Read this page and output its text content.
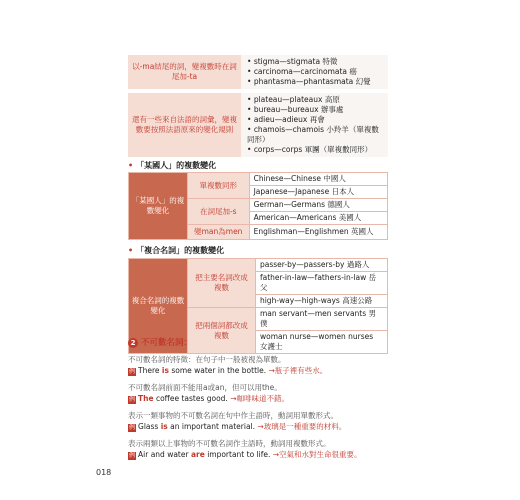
以-ma結尾的詞，變複數時在詞尾加-ta	• stigma—stigmata 特徵
• carcinoma—carcinomata 癌
• phantasma—phantasmata 幻覺

還有一些來自法語的詞彙，變複數要按照法語原來的變化規則	• plateau—plateaux 高原
• bureau—bureaux 辦事處
• adieu—adieux 再會
• chamois—chamois 小羚羊（單複數同形）
• corps—corps 軍團（單複數同形）
• 「某國人」的複數變化
「某國人」的複數變化	單複數同形	Chinese—Chinese 中國人
		Japanese—Japanese 日本人
	在詞尾加-s	German—Germans 德國人
		American—Americans 美國人
	變man為men	Englishman—Englishmen 英國人
• 「複合名詞」的複數變化
複合名詞的複數變化	把主要名詞改成複數	passer-by—passers-by 過路人
		father-in-law—fathers-in-law 岳父
		high-way—high-ways 高速公路
	把兩個詞都改成複數	man servant—men servants 男僕
		woman nurse—women nurses 女護士
2 不可數名詞：
不可數名詞的特徵：在句子中一般被視為單數。
例 There is some water in the bottle. →瓶子裡有些水。
不可數名詞前面不能用a或an，但可以用the。
例 The coffee tastes good. →咖啡味道不錯。
表示一類事物的不可數名詞在句中作主語時，動詞用單數形式。
例 Glass is an important material. →玻璃是一種重要的材料。
表示兩類以上事物的不可數名詞作主語時，動詞用複數形式。
例 Air and water are important to life. →空氣和水對生命很重要。
018
